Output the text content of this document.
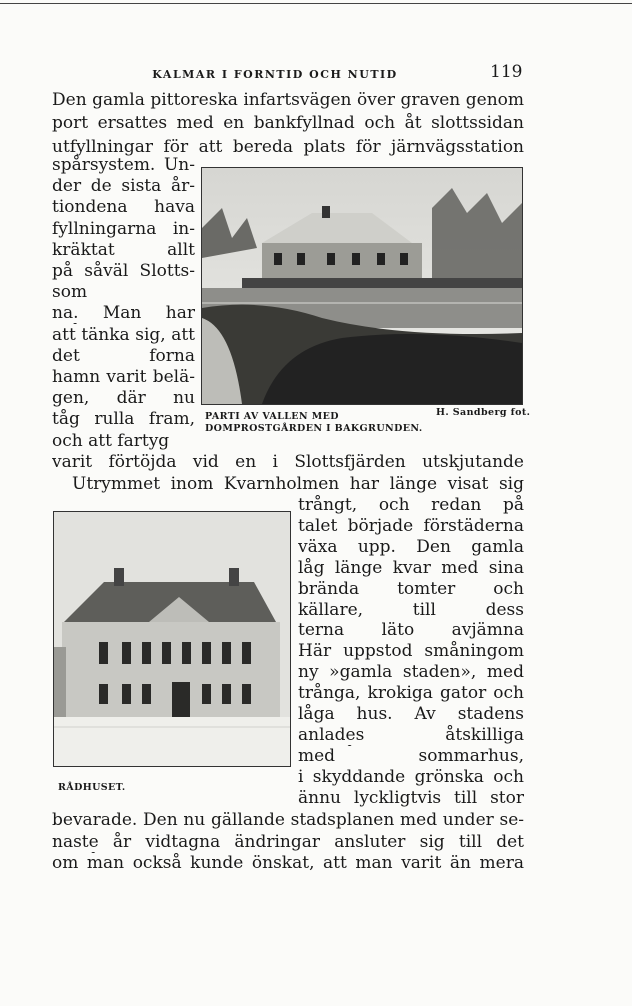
KALMAR I FORNTID OCH NUTID	119
Den gamla pittoreska infartsvägen över graven genom
port ersattes med en bankfyllnad och åt slottssidan
utfyllningar för att bereda plats för järnvägsstation
spårsystem. Un-
der de sista år-
tiondena hava
fyllningarna in-
kräktat allt
på såväl Slotts-
som
na. Man har
att tänka sig, att
det forna
hamn varit belä-
gen, där nu
tåg rulla fram,
och att fartyg
PARTI AV VALLEN MED
DOMPROSTGÅRDEN I BAKGRUNDEN.
H. Sandberg fot.
varit förtöjda vid en i Slottsfjärden utskjutande
Utrymmet inom Kvarnholmen har länge visat sig
RÅDHUSET.
trångt, och redan på
talet började förstäderna
växa upp. Den gamla
låg länge kvar med sina
brända tomter och
källare, till dess
terna läto avjämna
Här uppstod småningom
ny »gamla staden», med
trånga, krokiga gator och
låga hus. Av stadens
anlades åtskilliga
med sommarhus,
i skyddande grönska och
ännu lyckligtvis till stor
bevarade. Den nu gällande stadsplanen med under se-
naste år vidtagna ändringar ansluter sig till det
om man också kunde önskat, att man varit än mera
